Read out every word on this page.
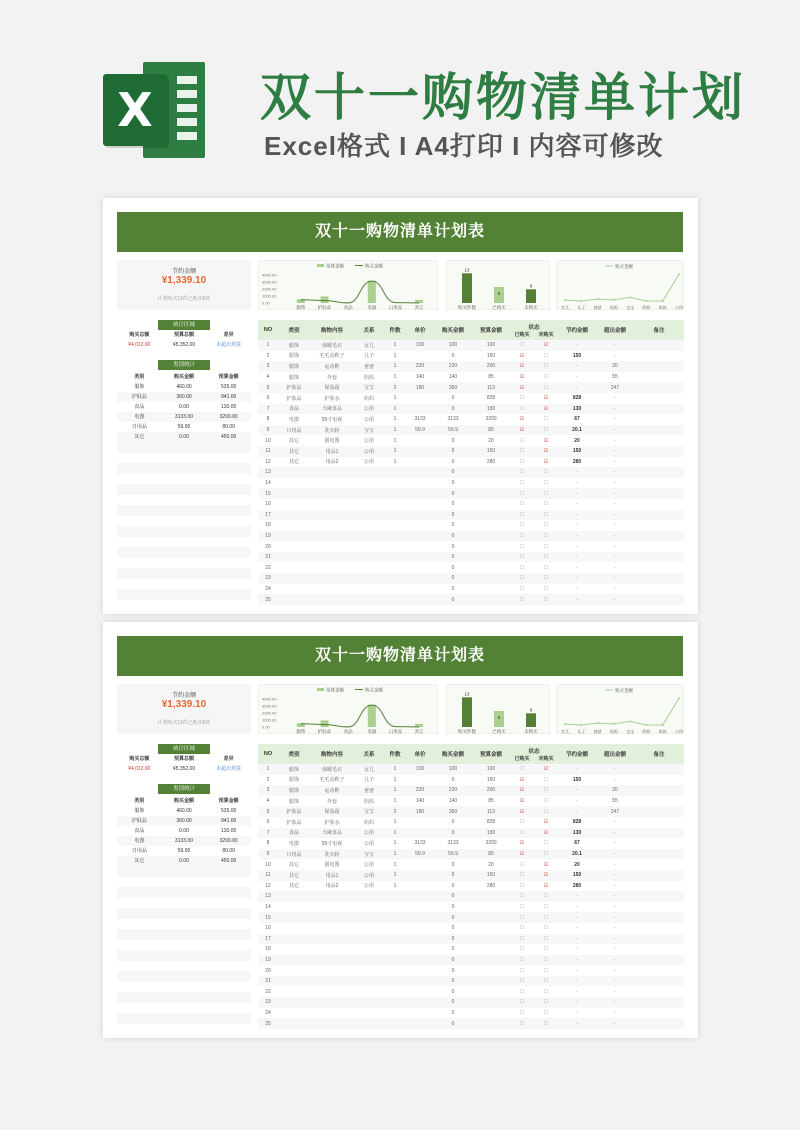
X 双十一购物清单计划
Excel格式 I A4打印 I 内容可修改
双十一购物清单计划表
节约金额
¥1,339.10
计划购买13件已购买6件
统计区域
购买总额	预算总额	差异
¥4,012.90	¥5,352.00	未超出预算
类别统计
类别	购买金额	预算金额
服饰	460.00	535.00
护肤品	360.00	941.00
食品	0.00	130.00
电器	3133.00	3200.00
日用品	59.90	80.00
其它	0.00	450.00
预算金额	购买金额
4000.00
3000.00
2000.00
1000.00
0.00
服饰	护肤品	食品	电器	日用品	其它
13
购买件数
6
已购买
6
未购买
购买金额
女儿 儿子 爸爸 妈妈 宝宝 奶奶 妈妈 公用
NO	类别	购物内容	关系	件数	单价	购买金额	预算金额	状态
已购买 未购买		节约金额	超出金额	备注
1	服饰	保暖毛衣	女儿	1	100	100	100	☐	☑	-	-	
2	服饰	毛毛虫鞋子	儿子	1		0	150	☑	☐	150	-	
3	服饰	运动鞋	爸爸	1	220	220	200	☑	☐	-	20	
4	服饰	外套	妈妈	1	140	140	85	☑	☐	-	55	
5	护肤品	保湿霜	宝宝	2	180	360	113	☑	☐	-	247	
6	护肤品	护肤水	妈妈	1		0	828	☐	☑	828	-	
7	食品	大碗食品	公用	1		0	130	☐	☑	130	-	
8	电器	55寸电视	公用	1	3133	3133	3200	☑	☐	67	-	
9	日用品	洗衣粉	宝宝	1	59.9	59.9	80	☑	☐	20.1	-	
10	其它	圆电器	公用	1		0	20	☐	☑	20	-	
11	其它	用品1	公用	1		0	150	☐	☑	150	-	
12	其它	用品2	公用	1		0	280	☐	☑	280	-	
13						0		☐	☐	-	-	
14						0		☐	☐	-	-	
15						0		☐	☐	-	-	
16						0		☐	☐	-	-	
17						0		☐	☐	-	-	
18						0		☐	☐	-	-	
19						0		☐	☐	-	-	
20						0		☐	☐	-	-	
21						0		☐	☐	-	-	
22						0		☐	☐	-	-	
23						0		☐	☐	-	-	
24						0		☐	☐	-	-	
25						0		☐	☐	-	-	
双十一购物清单计划表
节约金额
¥1,339.10
计划购买13件已购买6件
统计区域
购买总额	预算总额	差异
¥4,012.90	¥5,352.00	未超出预算
类别统计
类别	购买金额	预算金额
服饰	460.00	535.00
护肤品	360.00	941.00
食品	0.00	130.00
电器	3133.00	3200.00
日用品	59.90	80.00
其它	0.00	450.00
预算金额	购买金额
4000.00
3000.00
2000.00
1000.00
0.00
服饰	护肤品	食品	电器	日用品	其它
13
购买件数
6
已购买
6
未购买
购买金额
女儿 儿子 爸爸 妈妈 宝宝 奶奶 妈妈 公用
NO	类别	购物内容	关系	件数	单价	购买金额	预算金额	状态
已购买 未购买		节约金额	超出金额	备注
1	服饰	保暖毛衣	女儿	1	100	100	100	☐	☑	-	-	
2	服饰	毛毛虫鞋子	儿子	1		0	150	☑	☐	150	-	
3	服饰	运动鞋	爸爸	1	220	220	200	☑	☐	-	20	
4	服饰	外套	妈妈	1	140	140	85	☑	☐	-	55	
5	护肤品	保湿霜	宝宝	2	180	360	113	☑	☐	-	247	
6	护肤品	护肤水	妈妈	1		0	828	☐	☑	828	-	
7	食品	大碗食品	公用	1		0	130	☐	☑	130	-	
8	电器	55寸电视	公用	1	3133	3133	3200	☑	☐	67	-	
9	日用品	洗衣粉	宝宝	1	59.9	59.9	80	☑	☐	20.1	-	
10	其它	圆电器	公用	1		0	20	☐	☑	20	-	
11	其它	用品1	公用	1		0	150	☐	☑	150	-	
12	其它	用品2	公用	1		0	280	☐	☑	280	-	
13						0		☐	☐	-	-	
14						0		☐	☐	-	-	
15						0		☐	☐	-	-	
16						0		☐	☐	-	-	
17						0		☐	☐	-	-	
18						0		☐	☐	-	-	
19						0		☐	☐	-	-	
20						0		☐	☐	-	-	
21						0		☐	☐	-	-	
22						0		☐	☐	-	-	
23						0		☐	☐	-	-	
24						0		☐	☐	-	-	
25						0		☐	☐	-	-	
